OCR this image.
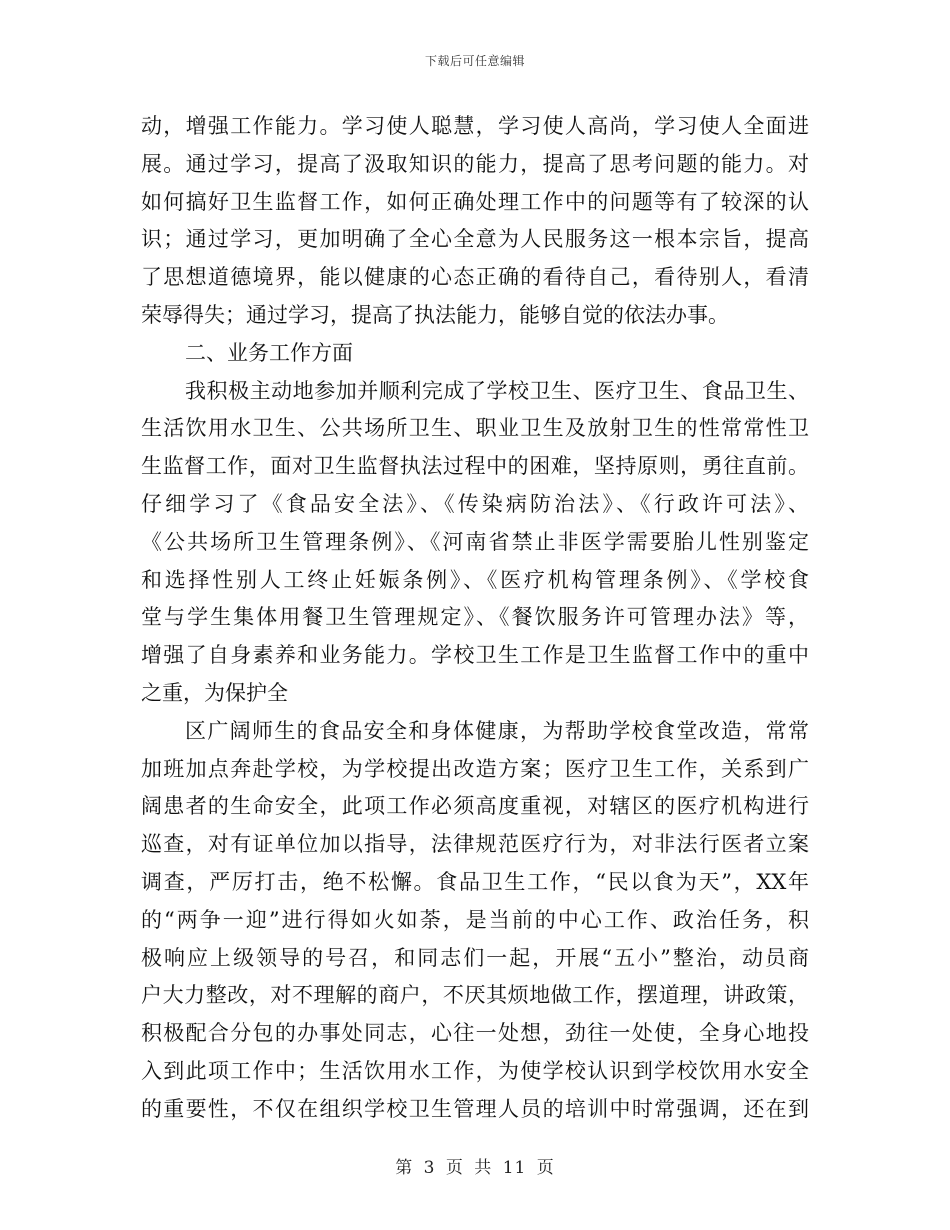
下载后可任意编辑
动，增强工作能力。学习使人聪慧，学习使人高尚，学习使人全面进
展。通过学习，提高了汲取知识的能力，提高了思考问题的能力。对
如何搞好卫生监督工作，如何正确处理工作中的问题等有了较深的认
识；通过学习，更加明确了全心全意为人民服务这一根本宗旨，提高
了思想道德境界，能以健康的心态正确的看待自己，看待别人，看清
荣辱得失；通过学习，提高了执法能力，能够自觉的依法办事。
二、业务工作方面
我积极主动地参加并顺利完成了学校卫生、医疗卫生、食品卫生、
生活饮用水卫生、公共场所卫生、职业卫生及放射卫生的性常常性卫
生监督工作，面对卫生监督执法过程中的困难，坚持原则，勇往直前。
仔细学习了《食品安全法》、《传染病防治法》、《行政许可法》、
《公共场所卫生管理条例》、《河南省禁止非医学需要胎儿性别鉴定
和选择性别人工终止妊娠条例》、《医疗机构管理条例》、《学校食
堂与学生集体用餐卫生管理规定》、《餐饮服务许可管理办法》等，
增强了自身素养和业务能力。学校卫生工作是卫生监督工作中的重中
之重，为保护全
区广阔师生的食品安全和身体健康，为帮助学校食堂改造，常常
加班加点奔赴学校，为学校提出改造方案；医疗卫生工作，关系到广
阔患者的生命安全，此项工作必须高度重视，对辖区的医疗机构进行
巡查，对有证单位加以指导，法律规范医疗行为，对非法行医者立案
调查，严厉打击，绝不松懈。食品卫生工作，“民以食为天”，XX年
的“两争一迎”进行得如火如荼，是当前的中心工作、政治任务，积
极响应上级领导的号召，和同志们一起，开展“五小”整治，动员商
户大力整改，对不理解的商户，不厌其烦地做工作，摆道理，讲政策，
积极配合分包的办事处同志，心往一处想，劲往一处使，全身心地投
入到此项工作中；生活饮用水工作，为使学校认识到学校饮用水安全
的重要性，不仅在组织学校卫生管理人员的培训中时常强调，还在到
第 3 页 共 11 页
